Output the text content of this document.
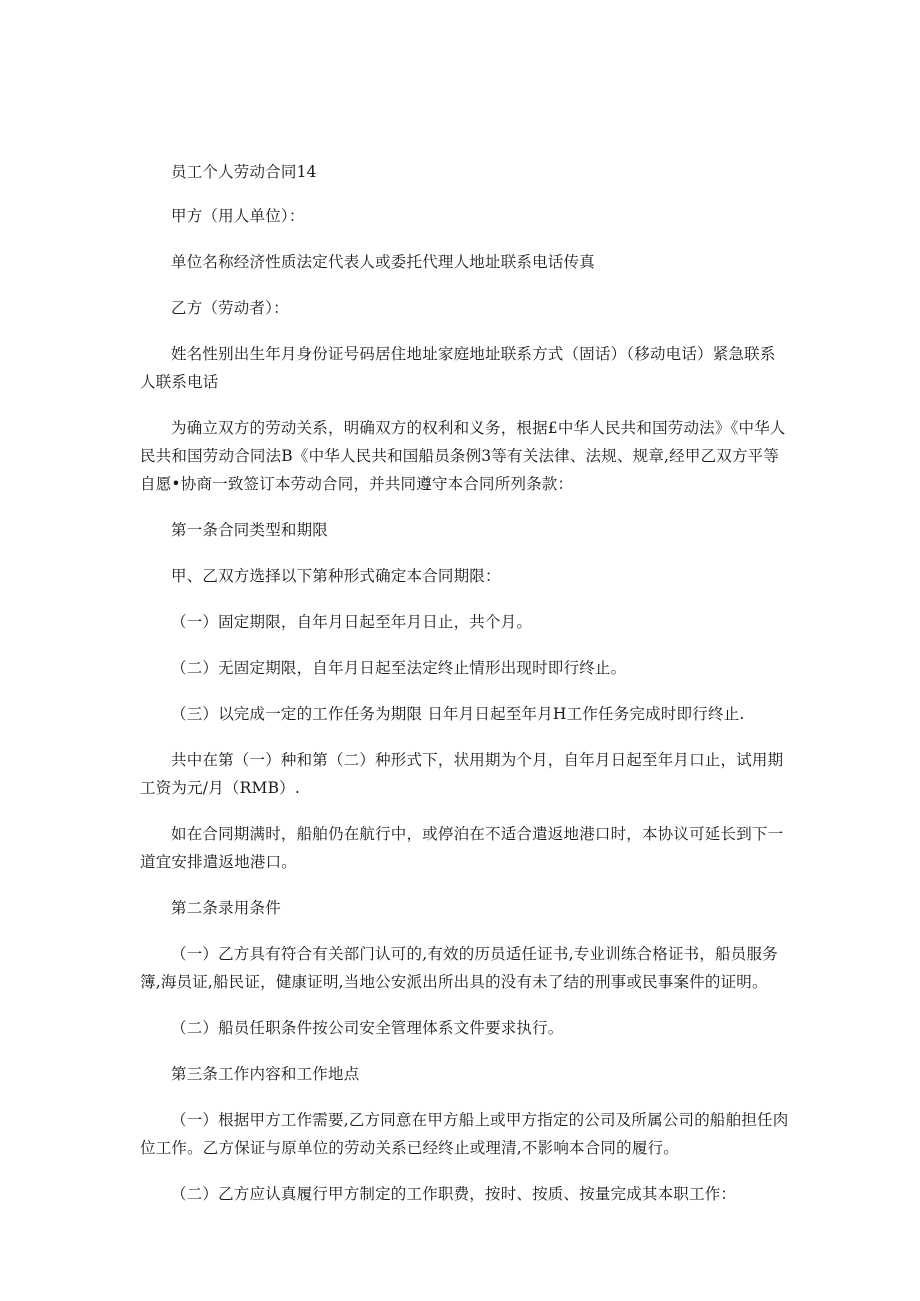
员工个人劳动合同14

甲方（用人单位）：

单位名称经济性质法定代表人或委托代理人地址联系电话传真

乙方（劳动者）：

姓名性别出生年月身份证号码居住地址家庭地址联系方式（固话）（移动电话）紧急联系人联系电话

为确立双方的劳动关系，明确双方的权利和义务，根据£中华人民共和国劳动法》《中华人民共和国劳动合同法B《中华人民共和国船员条例3等有关法律、法规、规章,经甲乙双方平等自愿•协商一致签订本劳动合同，并共同遵守本合同所列条款：

第一条合同类型和期限

甲、乙双方选择以下第种形式确定本合同期限：

（一）固定期限，自年月日起至年月日止，共个月。

（二）无固定期限，自年月日起至法定终止情形出现时即行终止。

（三）以完成一定的工作任务为期限 日年月日起至年月H工作任务完成时即行终止.

共中在第（一）种和第（二）种形式下，状用期为个月，自年月日起至年月口止，试用期工资为元/月（RMB）.

如在合同期满时，船舶仍在航行中，或停泊在不适合遣返地港口时，本协议可延长到下一道宜安排遣返地港口。

第二条录用条件

（一）乙方具有符合有关部门认可的,有效的历员适任证书,专业训练合格证书，船员服务簿,海员证,船民证，健康证明,当地公安派出所出具的没有未了结的刑事或民事案件的证明。

（二）船员任职条件按公司安全管理体系文件要求执行。

第三条工作内容和工作地点

（一）根据甲方工作需要,乙方同意在甲方船上或甲方指定的公司及所属公司的船舶担任肉位工作。乙方保证与原单位的劳动关系已经终止或理清,不影响本合同的履行。

（二）乙方应认真履行甲方制定的工作职费，按时、按质、按量完成其本职工作：
